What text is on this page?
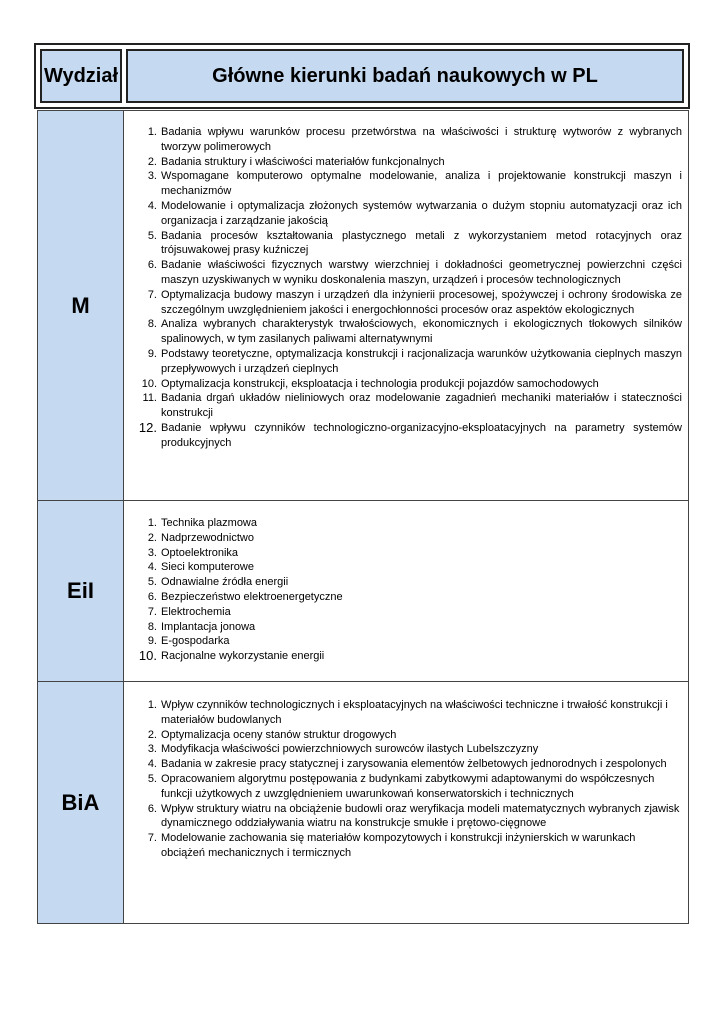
Wydział	Główne kierunki badań naukowych w PL
M
1. Badania wpływu warunków procesu przetwórstwa na właściwości i strukturę wytworów z wybranych tworzyw polimerowych
2. Badania struktury i właściwości materiałów funkcjonalnych
3. Wspomagane komputerowo optymalne modelowanie, analiza i projektowanie konstrukcji maszyn i mechanizmów
4. Modelowanie i optymalizacja złożonych systemów wytwarzania o dużym stopniu automatyzacji oraz ich organizacja i zarządzanie jakością
5. Badania procesów kształtowania plastycznego metali z wykorzystaniem metod rotacyjnych oraz trójsuwakowej prasy kuźniczej
6. Badanie właściwości fizycznych warstwy wierzchniej i dokładności geometrycznej powierzchni części maszyn uzyskiwanych w wyniku doskonalenia maszyn, urządzeń i procesów technologicznych
7. Optymalizacja budowy maszyn i urządzeń dla inżynierii procesowej, spożywczej i ochrony środowiska ze szczególnym uwzględnieniem jakości i energochłonności procesów oraz aspektów ekologicznych
8. Analiza wybranych charakterystyk trwałościowych, ekonomicznych i ekologicznych tłokowych silników spalinowych, w tym zasilanych paliwami alternatywnymi
9. Podstawy teoretyczne, optymalizacja konstrukcji i racjonalizacja warunków użytkowania cieplnych maszyn przepływowych i urządzeń cieplnych
10. Optymalizacja konstrukcji, eksploatacja i technologia produkcji pojazdów samochodowych
11. Badania drgań układów nieliniowych oraz modelowanie zagadnień mechaniki materiałów i stateczności konstrukcji
12. Badanie wpływu czynników technologiczno-organizacyjno-eksploatacyjnych na parametry systemów produkcyjnych
EiI
1. Technika plazmowa
2. Nadprzewodnictwo
3. Optoelektronika
4. Sieci komputerowe
5. Odnawialne źródła energii
6. Bezpieczeństwo elektroenergetyczne
7. Elektrochemia
8. Implantacja jonowa
9. E-gospodarka
10. Racjonalne wykorzystanie energii
BiA
1. Wpływ czynników technologicznych i eksploatacyjnych na właściwości techniczne i trwałość konstrukcji i materiałów budowlanych
2. Optymalizacja oceny stanów struktur drogowych
3. Modyfikacja właściwości powierzchniowych surowców ilastych Lubelszczyzny
4. Badania w zakresie pracy statycznej i zarysowania elementów żelbetowych jednorodnych i zespolonych
5. Opracowaniem algorytmu postępowania z budynkami zabytkowymi adaptowanymi do współczesnych funkcji użytkowych z uwzględnieniem uwarunkowań konserwatorskich i technicznych
6. Wpływ struktury wiatru na obciążenie budowli oraz weryfikacja modeli matematycznych wybranych zjawisk dynamicznego oddziaływania wiatru na konstrukcje smukłe i prętowo-cięgnowe
7. Modelowanie zachowania się materiałów kompozytowych i konstrukcji inżynierskich w warunkach obciążeń mechanicznych i termicznych
